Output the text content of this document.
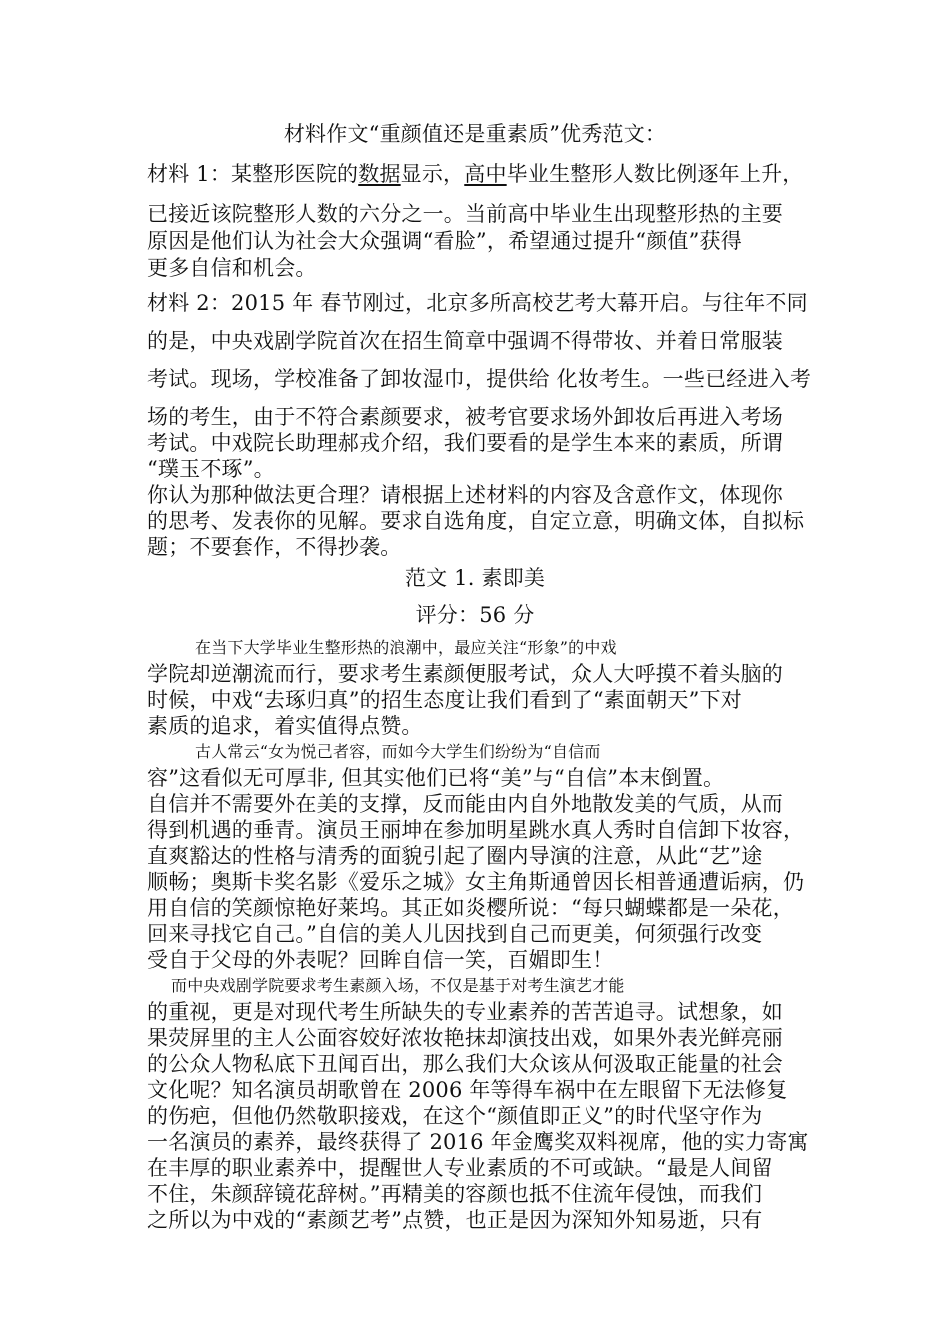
材料作文“重颜值还是重素质”优秀范文：
材料 1：某整形医院的数据显示，高中毕业生整形人数比例逐年上升，
已接近该院整形人数的六分之一。当前高中毕业生出现整形热的主要
原因是他们认为社会大众强调“看脸”，希望通过提升“颜值”获得
更多自信和机会。
材料 2：2015 年 春节刚过，北京多所高校艺考大幕开启。与往年不同
的是，中央戏剧学院首次在招生简章中强调不得带妆、并着日常服装
考试。现场，学校准备了卸妆湿巾，提供给 化妆考生。一些已经进入考
场的考生，由于不符合素颜要求，被考官要求场外卸妆后再进入考场
考试。中戏院长助理郝戎介绍，我们要看的是学生本来的素质，所谓
“璞玉不琢”。
你认为那种做法更合理？请根据上述材料的内容及含意作文，体现你
的思考、发表你的见解。要求自选角度，自定立意，明确文体，自拟标
题；不要套作，不得抄袭。
范文 1. 素即美
评分：56 分
在当下大学毕业生整形热的浪潮中，最应关注“形象”的中戏
学院却逆潮流而行，要求考生素颜便服考试，众人大呼摸不着头脑的
时候，中戏“去琢归真”的招生态度让我们看到了“素面朝天”下对
素质的追求，着实值得点赞。
古人常云“女为悦己者容，而如今大学生们纷纷为“自信而
容”这看似无可厚非, 但其实他们已将“美”与“自信”本末倒置。
自信并不需要外在美的支撑，反而能由内自外地散发美的气质，从而
得到机遇的垂青。演员王丽坤在参加明星跳水真人秀时自信卸下妆容，
直爽豁达的性格与清秀的面貌引起了圈内导演的注意，从此“艺”途
顺畅；奥斯卡奖名影《爱乐之城》女主角斯通曾因长相普通遭诟病，仍
用自信的笑颜惊艳好莱坞。其正如炎樱所说：“每只蝴蝶都是一朵花，
回来寻找它自己。”自信的美人儿因找到自己而更美，何须强行改变
受自于父母的外表呢？回眸自信一笑，百媚即生！
而中央戏剧学院要求考生素颜入场，不仅是基于对考生演艺才能
的重视，更是对现代考生所缺失的专业素养的苦苦追寻。试想象，如
果荧屏里的主人公面容姣好浓妆艳抹却演技出戏，如果外表光鲜亮丽
的公众人物私底下丑闻百出，那么我们大众该从何汲取正能量的社会
文化呢？知名演员胡歌曾在 2006 年等得车祸中在左眼留下无法修复
的伤疤，但他仍然敬职接戏，在这个“颜值即正义”的时代坚守作为
一名演员的素养，最终获得了 2016 年金鹰奖双料视席，他的实力寄寓
在丰厚的职业素养中，提醒世人专业素质的不可或缺。“最是人间留
不住，朱颜辞镜花辞树。”再精美的容颜也抵不住流年侵蚀，而我们
之所以为中戏的“素颜艺考”点赞，也正是因为深知外知易逝，只有
